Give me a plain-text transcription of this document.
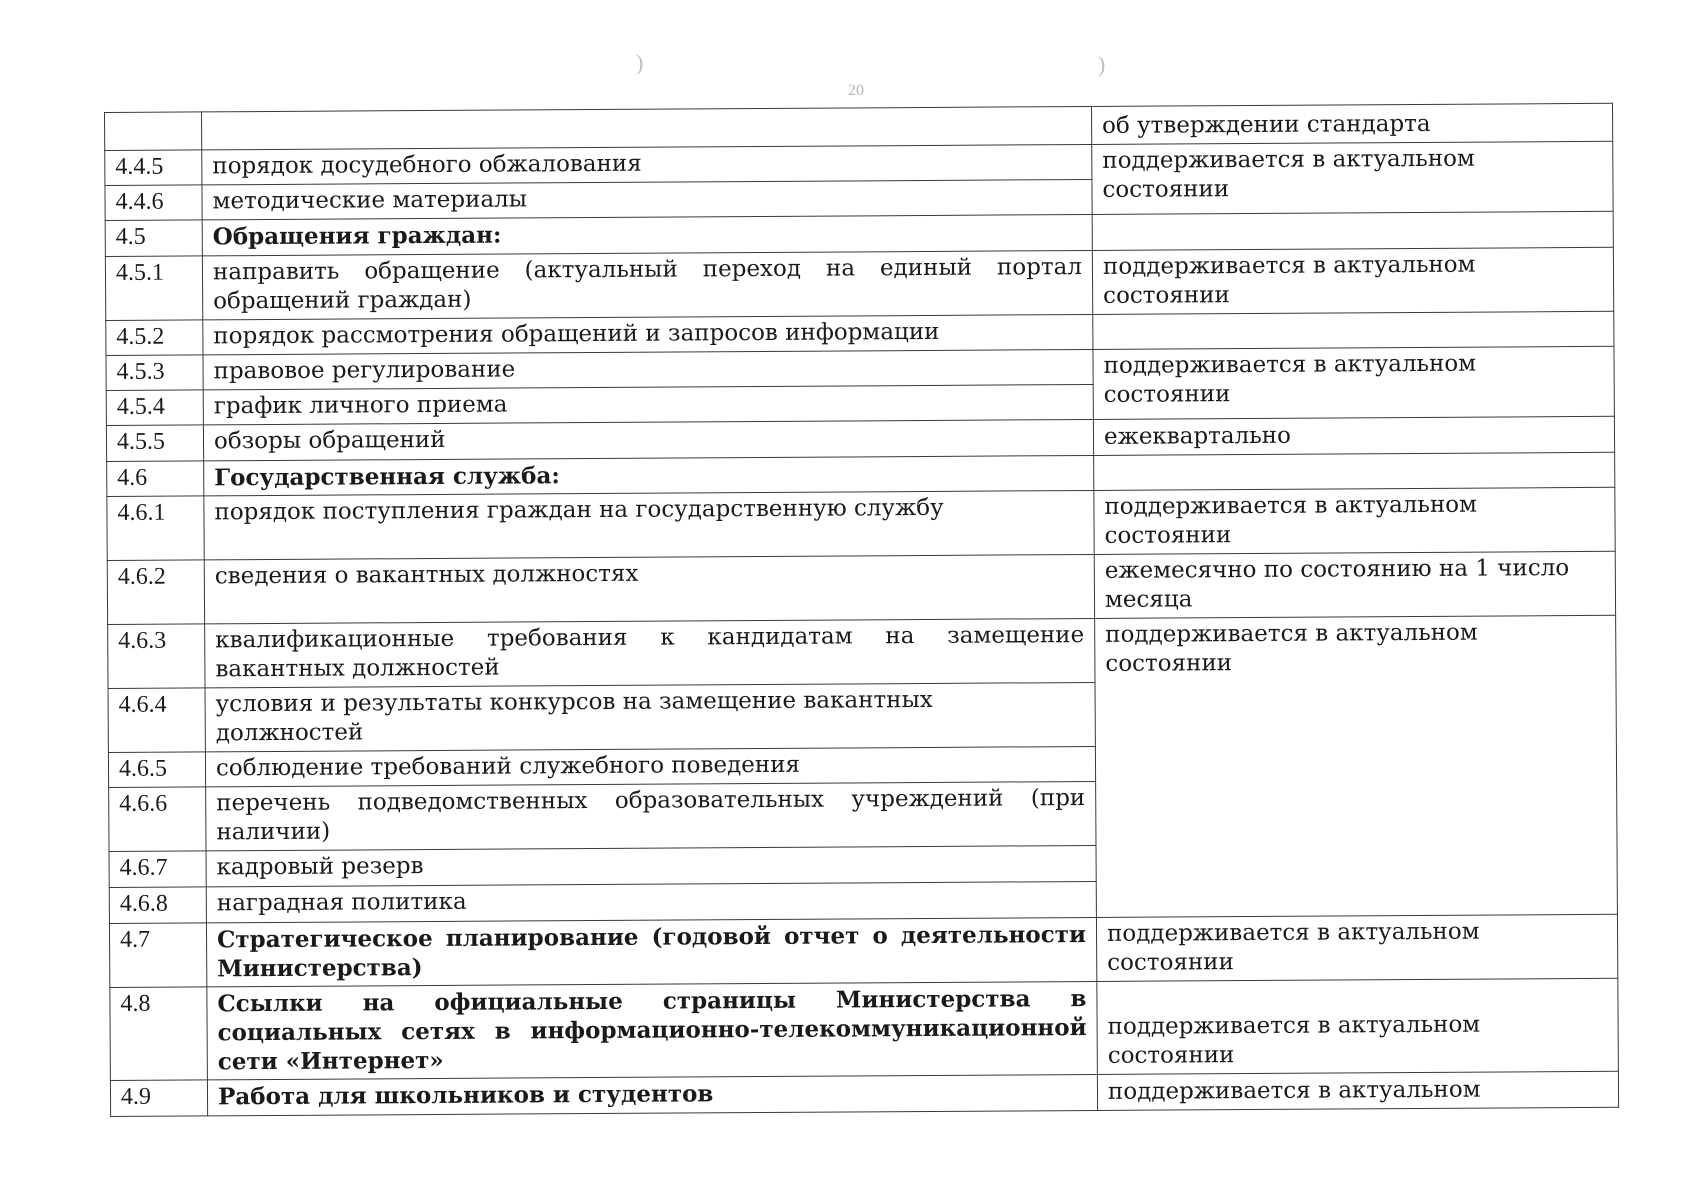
)
20
)
		об утверждении стандарта
4.4.5	порядок досудебного обжалования	поддерживается в актуальном состоянии
4.4.6	методические материалы	
4.5	Обращения граждан:	
4.5.1	направить обращение (актуальный переход на единый портал обращений граждан)	поддерживается в актуальном состоянии
4.5.2	порядок рассмотрения обращений и запросов информации	
4.5.3	правовое регулирование	поддерживается в актуальном состоянии
4.5.4	график личного приема	
4.5.5	обзоры обращений	ежеквартально
4.6	Государственная служба:	
4.6.1	порядок поступления граждан на государственную службу	поддерживается в актуальном состоянии
4.6.2	сведения о вакантных должностях	ежемесячно по состоянию на 1 число месяца
4.6.3	квалификационные требования к кандидатам на замещение вакантных должностей	поддерживается в актуальном состоянии
4.6.4	условия и результаты конкурсов на замещение вакантных должностей	
4.6.5	соблюдение требований служебного поведения	
4.6.6	перечень подведомственных образовательных учреждений (при наличии)	
4.6.7	кадровый резерв	
4.6.8	наградная политика	
4.7	Стратегическое планирование (годовой отчет о деятельности Министерства)	поддерживается в актуальном состоянии
4.8	Ссылки на официальные страницы Министерства в социальных сетях в информационно-телекоммуникационной сети «Интернет»	поддерживается в актуальном состоянии
4.9	Работа для школьников и студентов	поддерживается в актуальном
